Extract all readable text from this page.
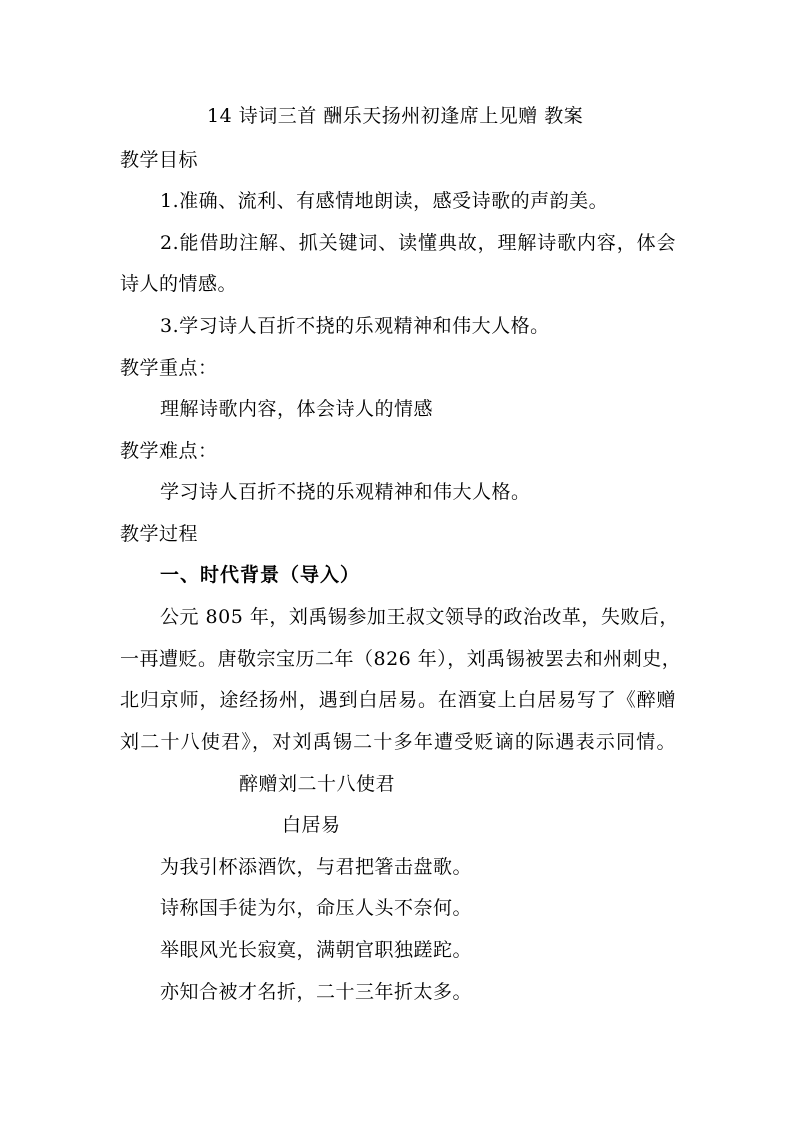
14 诗词三首 酬乐天扬州初逢席上见赠 教案
教学目标
1.准确、流利、有感情地朗读，感受诗歌的声韵美。
2.能借助注解、抓关键词、读懂典故，理解诗歌内容，体会
诗人的情感。
3.学习诗人百折不挠的乐观精神和伟大人格。
教学重点：
理解诗歌内容，体会诗人的情感
教学难点：
学习诗人百折不挠的乐观精神和伟大人格。
教学过程
一、时代背景（导入）
公元 805 年，刘禹锡参加王叔文领导的政治改革，失败后，
一再遭贬。唐敬宗宝历二年（826 年），刘禹锡被罢去和州刺史，
北归京师，途经扬州，遇到白居易。在酒宴上白居易写了《醉赠
刘二十八使君》，对刘禹锡二十多年遭受贬谪的际遇表示同情。
醉赠刘二十八使君
白居易
为我引杯添酒饮，与君把箸击盘歌。
诗称国手徒为尔，命压人头不奈何。
举眼风光长寂寞，满朝官职独蹉跎。
亦知合被才名折，二十三年折太多。
